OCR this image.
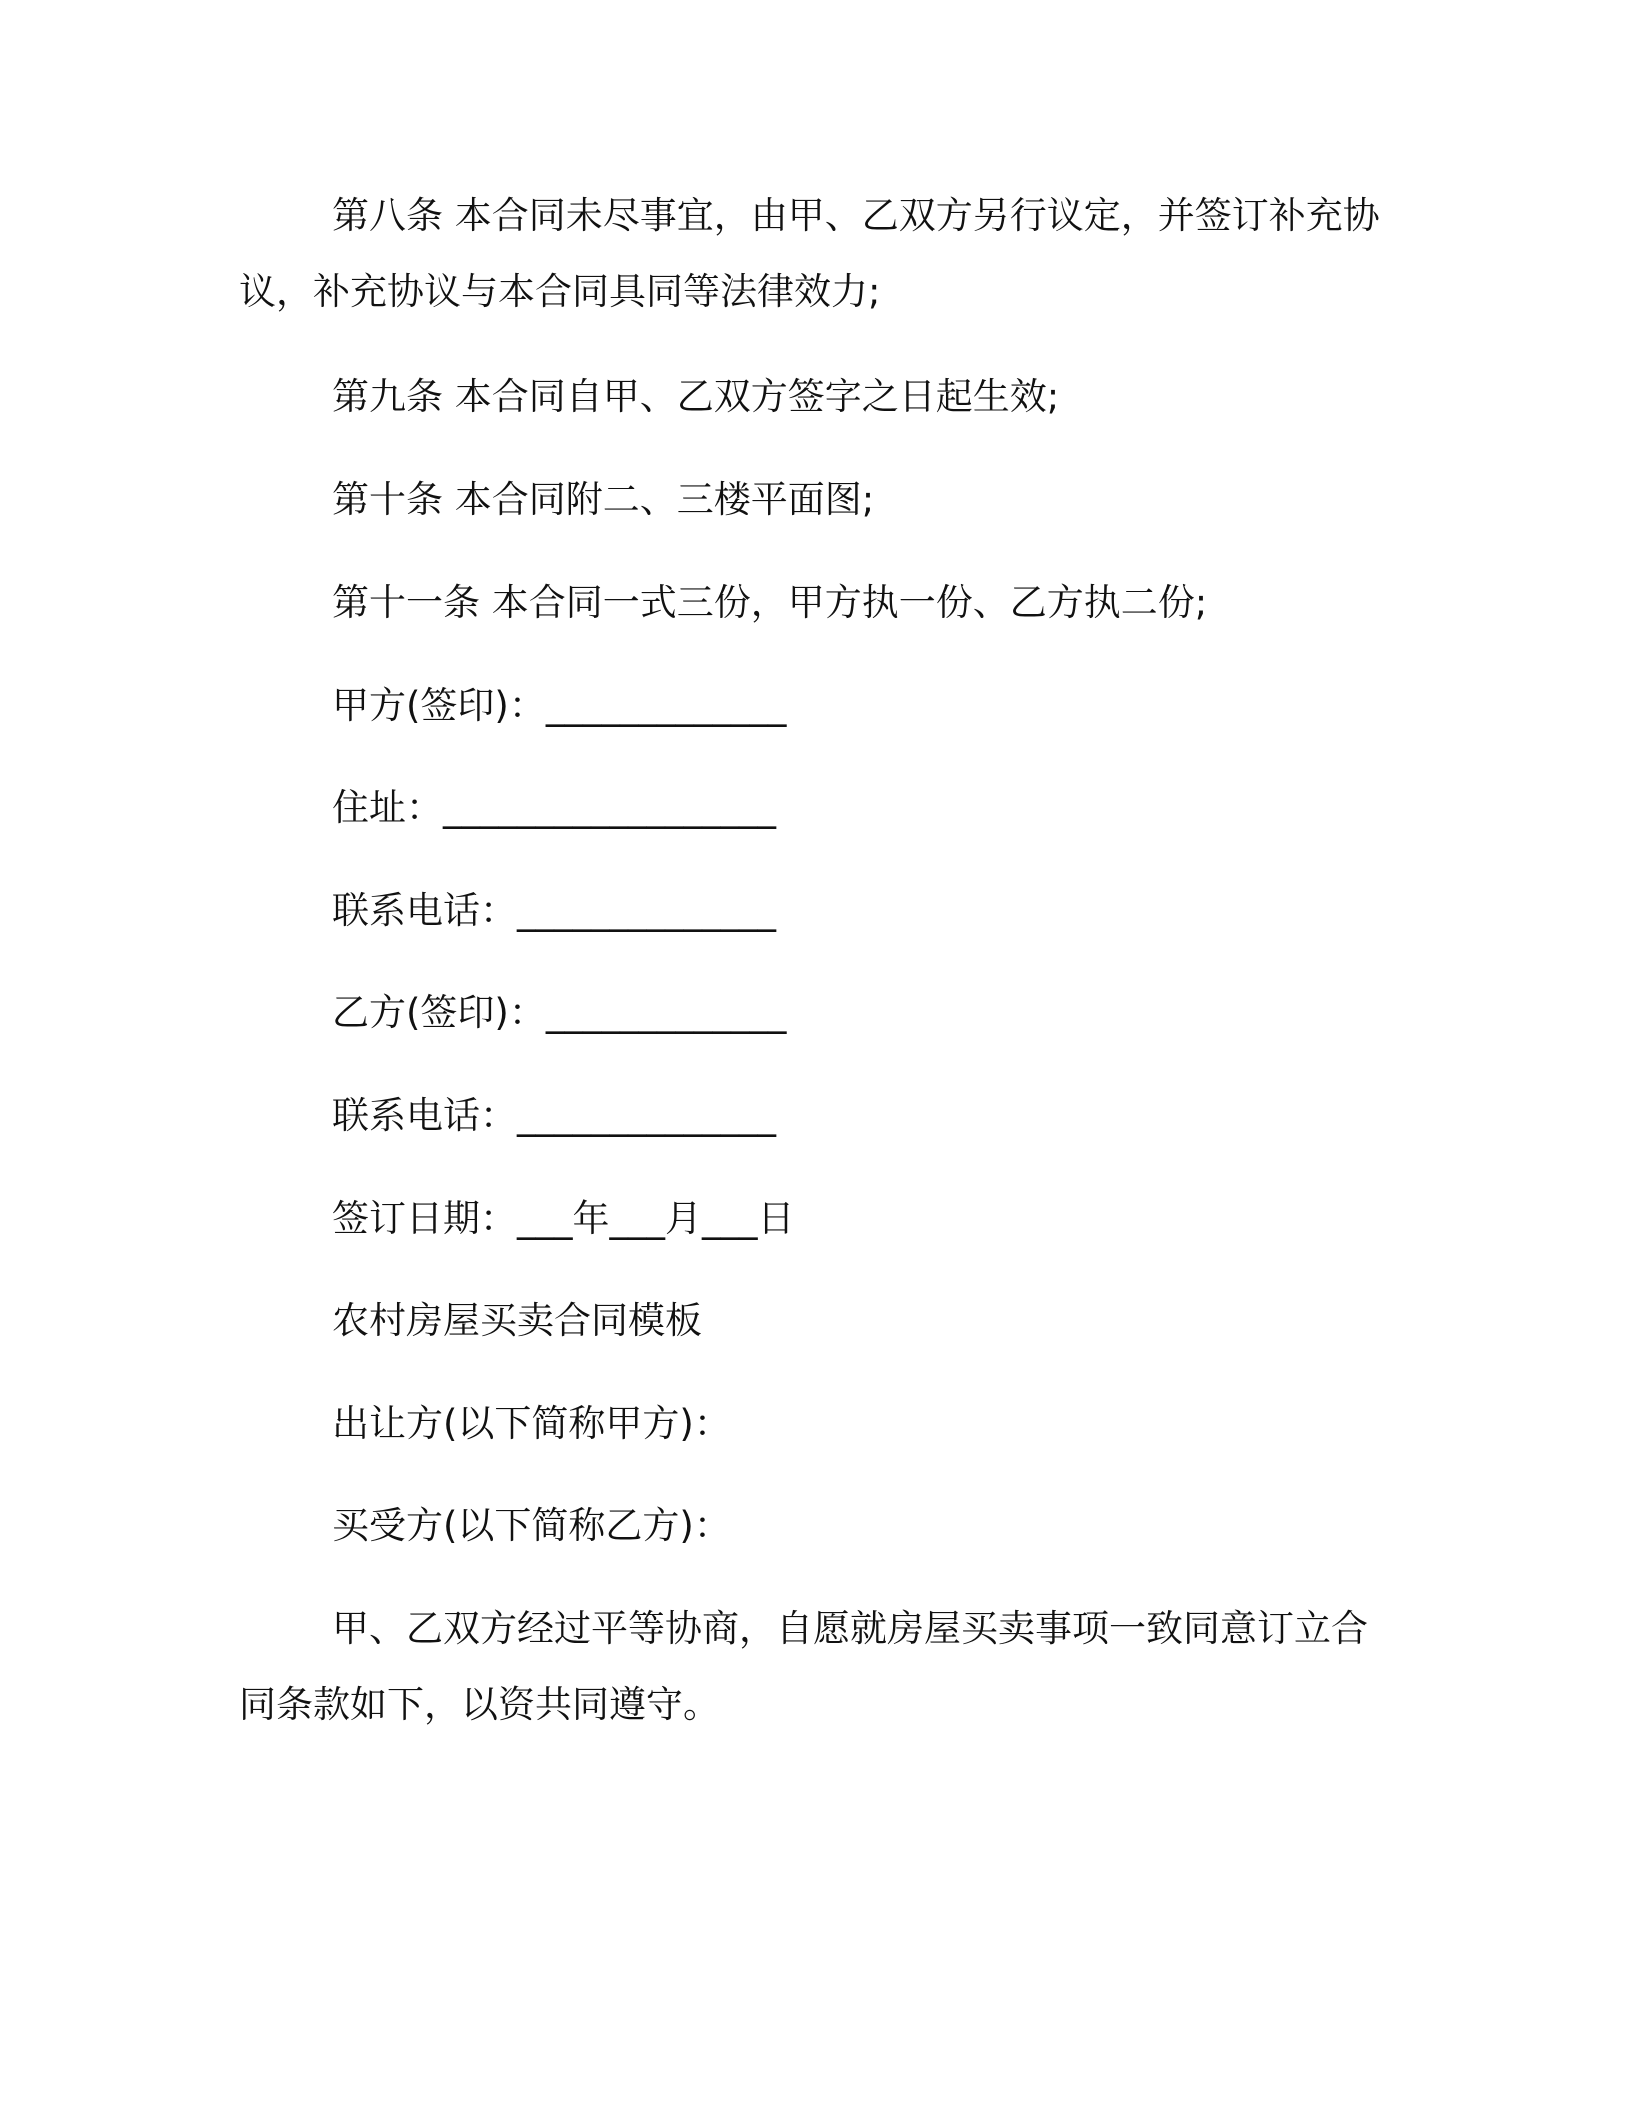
第八条 本合同未尽事宜，由甲、乙双方另行议定，并签订补充协
议，补充协议与本合同具同等法律效力;
第九条 本合同自甲、乙双方签字之日起生效;
第十条 本合同附二、三楼平面图;
第十一条 本合同一式三份，甲方执一份、乙方执二份;
甲方(签印)：_____________
住址：__________________
联系电话：______________
乙方(签印)：_____________
联系电话：______________
签订日期：___年___月___日
农村房屋买卖合同模板
出让方(以下简称甲方)：
买受方(以下简称乙方)：
甲、乙双方经过平等协商，自愿就房屋买卖事项一致同意订立合
同条款如下，以资共同遵守。
